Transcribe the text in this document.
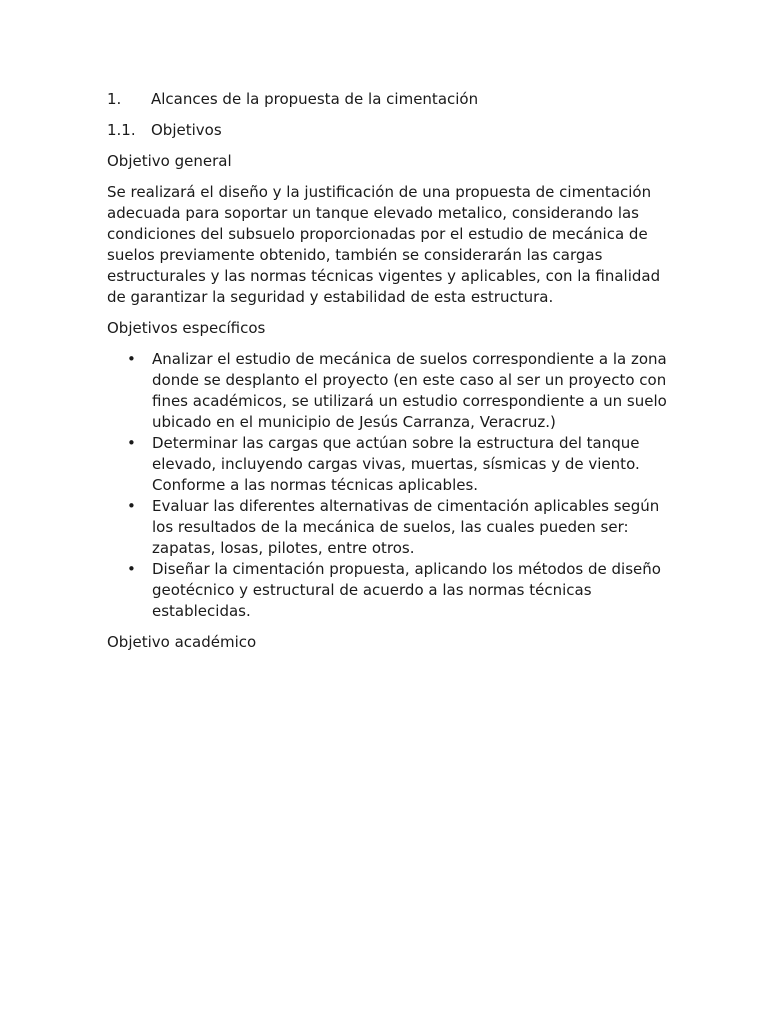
1.	Alcances de la propuesta de la cimentación
1.1.	Objetivos

Objetivo general

Se realizará el diseño y la justificación de una propuesta de cimentación adecuada para soportar un tanque elevado metalico, considerando las condiciones del subsuelo proporcionadas por el estudio de mecánica de suelos previamente obtenido, también se considerarán las cargas estructurales y las normas técnicas vigentes y aplicables, con la finalidad de garantizar la seguridad y estabilidad de esta estructura.

Objetivos específicos

• Analizar el estudio de mecánica de suelos correspondiente a la zona donde se desplanto el proyecto (en este caso al ser un proyecto con fines académicos, se utilizará un estudio correspondiente a un suelo ubicado en el municipio de Jesús Carranza, Veracruz.)
• Determinar las cargas que actúan sobre la estructura del tanque elevado, incluyendo cargas vivas, muertas, sísmicas y de viento. Conforme a las normas técnicas aplicables.
• Evaluar las diferentes alternativas de cimentación aplicables según los resultados de la mecánica de suelos, las cuales pueden ser: zapatas, losas, pilotes, entre otros.
• Diseñar la cimentación propuesta, aplicando los métodos de diseño geotécnico y estructural de acuerdo a las normas técnicas establecidas.

Objetivo académico
